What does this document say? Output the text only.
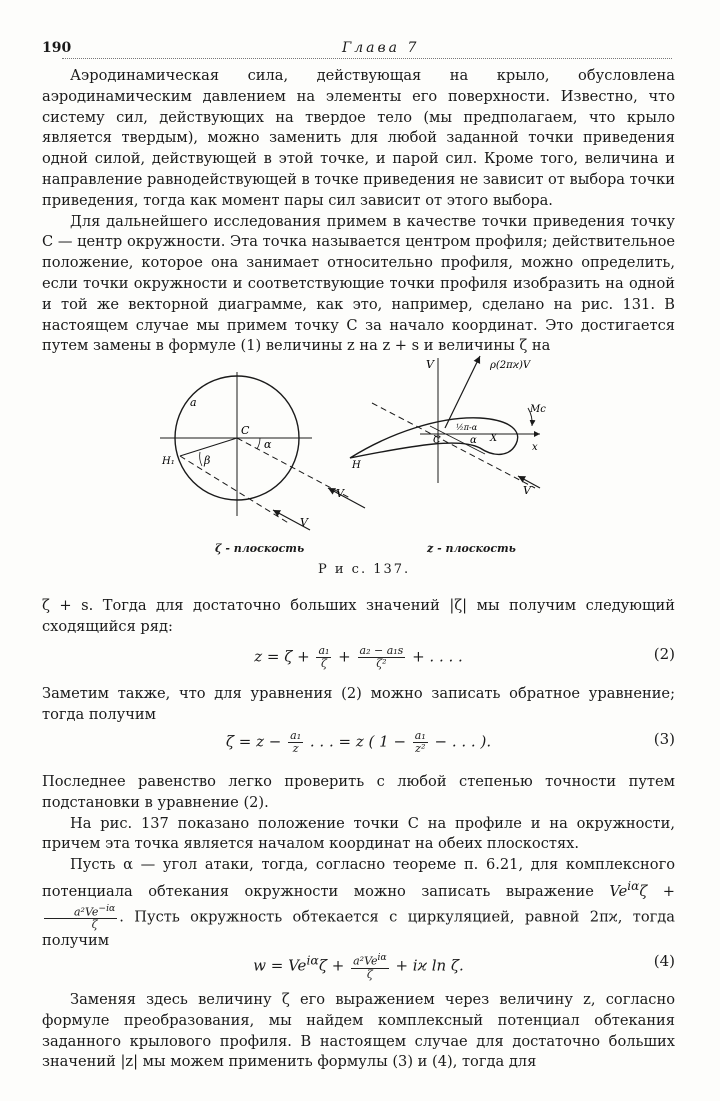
190	Глава 7

Аэродинамическая сила, действующая на крыло, обусловлена аэродинамическим давлением на элементы его поверхности. Известно, что систему сил, действующих на твердое тело (мы предполагаем, что крыло является твердым), можно заменить для любой заданной точки приведения одной силой, действующей в этой точке, и парой сил. Кроме того, величина и направление равнодействующей в точке приведения не зависит от выбора точки приведения, тогда как момент пары сил зависит от этого выбора.

Для дальнейшего исследования примем в качестве точки приведения точку C — центр окружности. Эта точка называется центром профиля; действительное положение, которое она занимает относительно профиля, можно определить, если точки окружности и соответствующие точки профиля изобразить на одной и той же векторной диаграмме, как это, например, сделано на рис. 131. В настоящем случае мы примем точку C за начало координат. Это достигается путем замены в формуле (1) величины z на z + s и величины ζ на

a
C
H₁	β
α
V
V
V	ρ(2πϰ)V
Mc
½π-α
C	α X
x
H
V
ζ - плоскость	z - плоскость
Р и с. 137.

ζ + s. Тогда для достаточно больших значений |ζ| мы получим следующий сходящийся ряд:

$z = \zeta + \frac{\text{a₁}}{\zeta} + \frac{\text{a₂ − a₁s}}{\text{ζ²}}$ + . . . .	(2)

Заметим также, что для уравнения (2) можно записать обратное уравнение; тогда получим

$\zeta = z - \frac{\text{a₁}}{z}$ . . . = z ( $1 - \frac{\text{a₁}}{\text{z²}}$ − . . . ).	(3)

Последнее равенство легко проверить с любой степенью точности путем подстановки в уравнение (2).

На рис. 137 показано положение точки C на профиле и на окружности, причем эта точка является началом координат на обеих плоскостях.

Пусть α — угол атаки, тогда, согласно теореме п. 6.21, для комплексного потенциала обтекания окружности можно записать выражение $Ve^{i\alpha}\zeta$ +
$\frac{a^2Ve^{-i\alpha}}{\zeta}$ . Пусть окружность обтекается с циркуляцией, равной 2πϰ, тогда получим

$w = Ve^{i\alpha}\zeta + \frac{a^2Ve^{i\alpha}}{\zeta} + iϰ$ ln ζ.	(4)

Заменяя здесь величину ζ его выражением через величину z, согласно формуле преобразования, мы найдем комплексный потенциал обтекания заданного крылового профиля. В настоящем случае для достаточно больших значений |z| мы можем применить формулы (3) и (4), тогда для
